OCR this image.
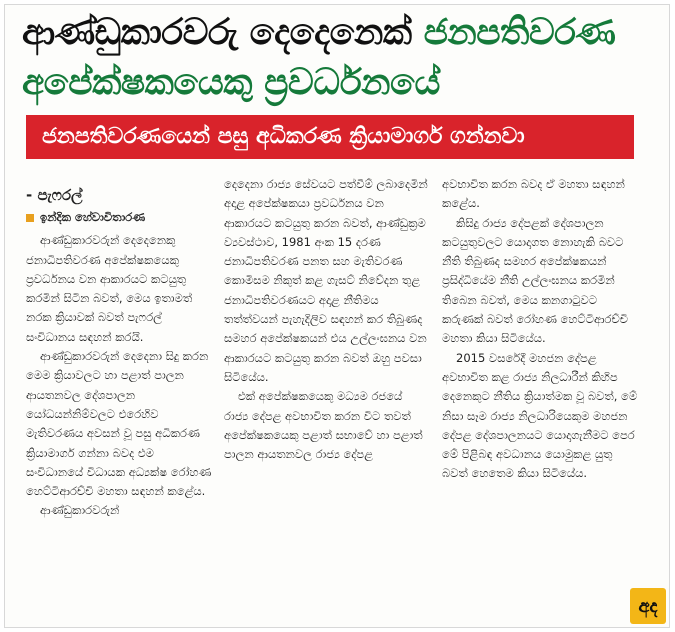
ආණ්ඩුකාරවරු දෙදෙනෙක් ජනපතිවරණ
අපේක්ෂකයෙකු ප්‍රවර්ධනයේ
ජනපතිවරණයෙන් පසු අධිකරණ ක්‍රියාමාර්ග ගන්නවා
- පැෆරල්
ඉන්දික හේවාවිතාරණ

ආණ්ඩුකාරවරුන් දෙදෙනෙකු ජනාධිපතිවරණ අපේක්ෂකයෙකු ප්‍රවර්ධනය වන ආකාරයට කටයුතු කරමින් සිටින බවත්, මෙය ඉතාමත් නරක ක්‍රියාවක් බවත් පැෆරල් සංවිධානය සඳහන් කරයි.

ආණ්ඩුකාරවරුන් දෙදෙනා සිදු කරන මෙම ක්‍රියාවලට හා පළාත් පාලන ආයතනවල දේශපාලන යෝධයන්නිම්වලට එරෙහිව මැතිවරණය අවසන් වූ පසු අධිකරණ ක්‍රියාමාර්ග ගන්නා බවද එම සංවිධානයේ විධායක අධ්‍යක්ෂ රෝහණ හෙට්ටිආරච්චි මහතා සඳහන් කළේය.

ආණ්ඩුකාරවරුන්

දෙදෙනා රාජ්‍ය සේවයට පත්වීම් ලබාදෙමින් අදාළ අපේක්ෂකයා ප්‍රවර්ධනය වන ආකාරයට කටයුතු කරන බවත්, ආණ්ඩුක්‍රම ව්‍යවස්ථාව, 1981 අංක 15 දරණ ජනාධිපතිවරණ පනත සහ මැතිවරණ කොමිසම නිකුත් කළ ගැසට් නිවේදන තුළ ජනාධිපතිවරණයට අදාළ නීතිමය තත්ත්වයන් පැහැදිලිව සඳහන් කර තිබුණද සමහර අපේක්ෂකයන් එය උල්ලංඝනය වන ආකාරයට කටයුතු කරන බවත් ඔහු පවසා සිටියේය.

එක් අපේක්ෂකයෙකු මධ්‍යම රජයේ රාජ්‍ය දේපළ අවභාවිත කරන විට තවත් අපේක්ෂකයෙකු පළාත් සභාවේ හා පළාත් පාලන ආයතනවල රාජ්‍ය දේපළ

අවභාවිත කරන බවද ඒ මහතා සඳහන් කළේය.

කිසිදු රාජ්‍ය දේපළක් දේශපාලන කටයුතුවලට යොදාගත නොහැකි බවට නීති තිබුණද සමහර අපේක්ෂකයන් ප්‍රසිද්ධියේම නීති උල්ලංඝනය කරමින් තිබෙන බවත්, මෙය කනගාටුවට කරුණක් බවත් රෝහණ හෙට්ටිආරච්චි මහතා කියා සිටියේය.

2015 වසරේදී මහජන දේපළ අවභාවිත කළ රාජ්‍ය නිලධාරීන් කිහිප දෙනෙකුට නීතිය ක්‍රියාත්මක වූ බවත්, මේ නිසා සෑම රාජ්‍ය නිලධාරියෙකුම මහජන දේපළ දේශපාලනයට යොදාගැනීමට පෙර මේ පිළිබඳ අවධානය යොමුකළ යුතු බවත් හෙතෙම කියා සිටියේය.

අද
